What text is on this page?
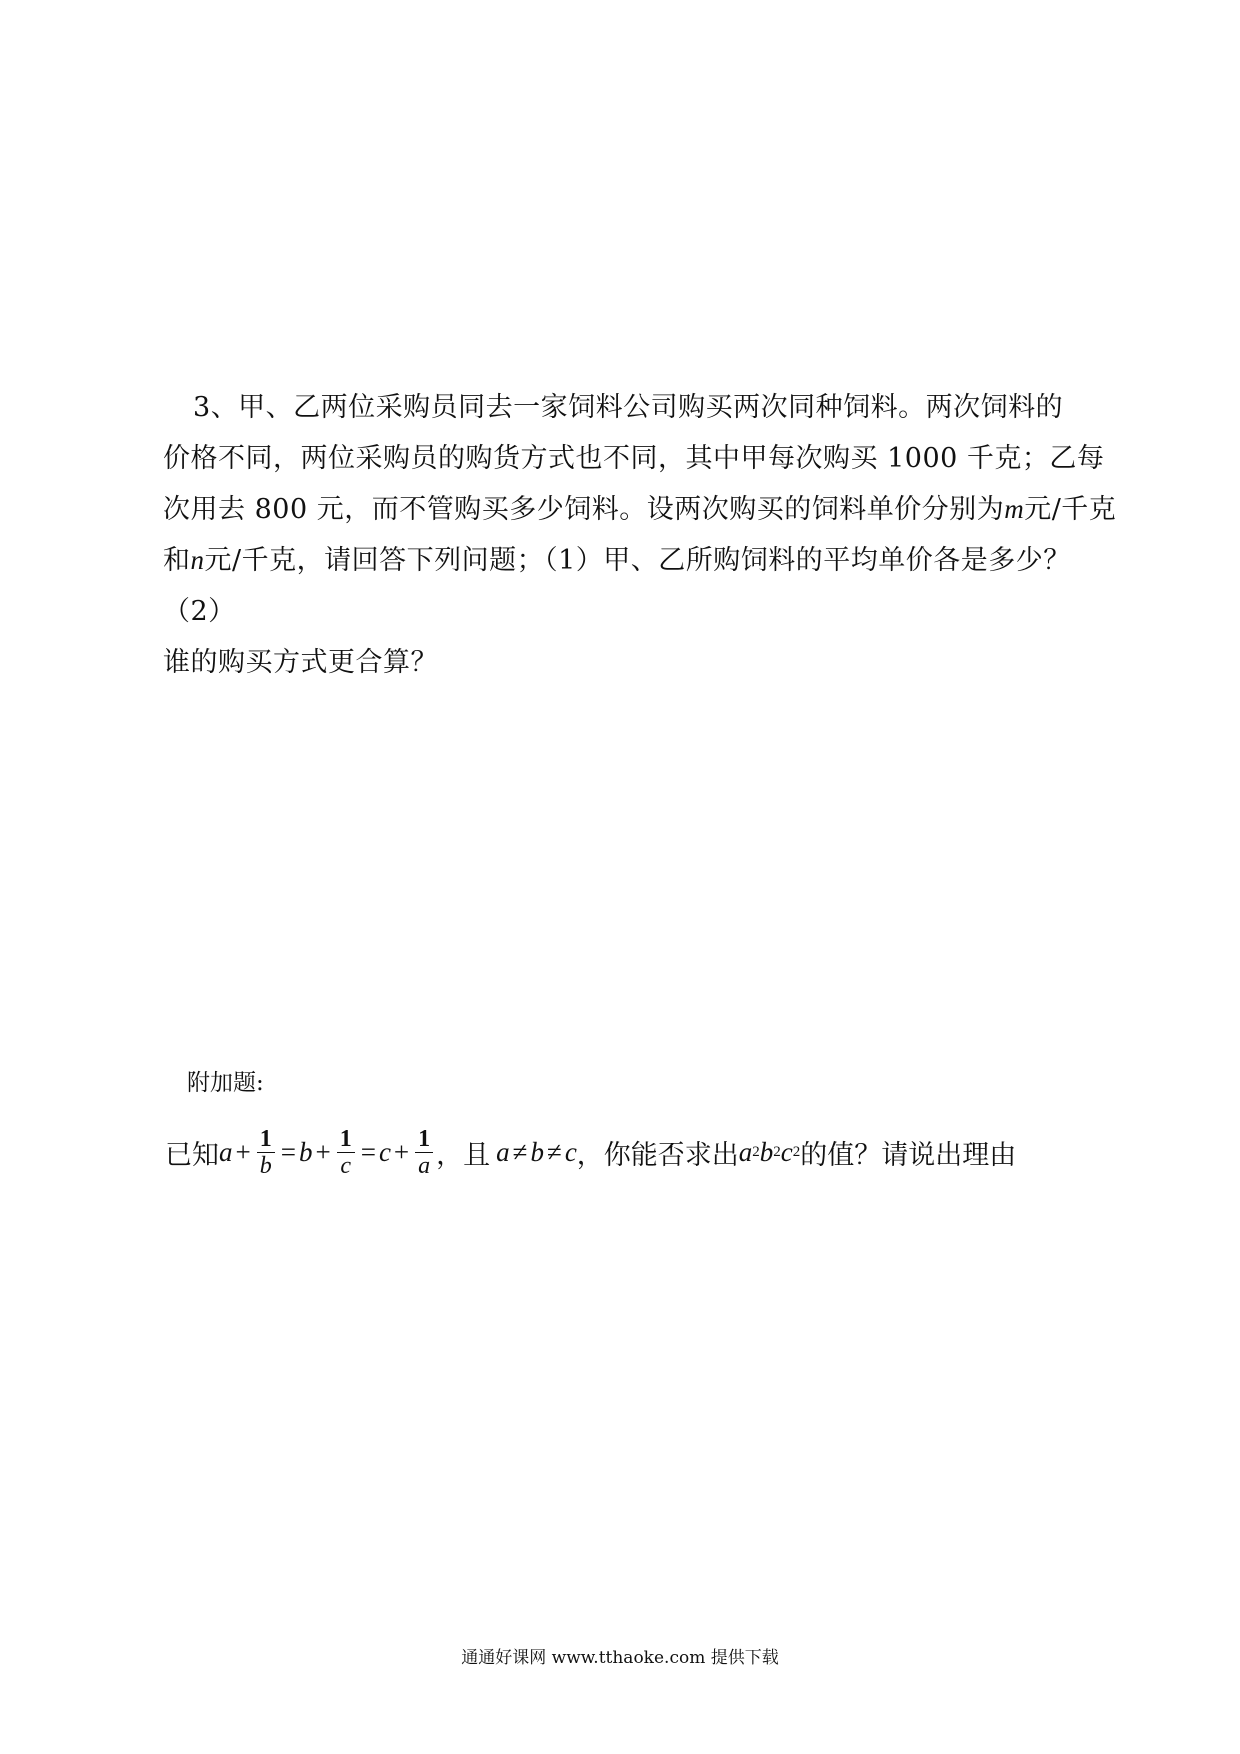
3、甲、乙两位采购员同去一家饲料公司购买两次同种饲料。两次饲料的

价格不同，两位采购员的购货方式也不同，其中甲每次购买 1000 千克；乙每

次用去 800 元，而不管购买多少饲料。设两次购买的饲料单价分别为m元/千克

和n元/千克，请回答下列问题；（1）甲、乙所购饲料的平均单价各是多少？（2）

谁的购买方式更合算？

附加题:
已知 $a + \frac{1}{b} = b + \frac{1}{c} = c + \frac{1}{a}$ ， 且 a ≠ b ≠ c ，你能否求出 a 2 b 2 c 2 的值？请说出理由
通通好课网 www.tthaoke.com 提供下载
